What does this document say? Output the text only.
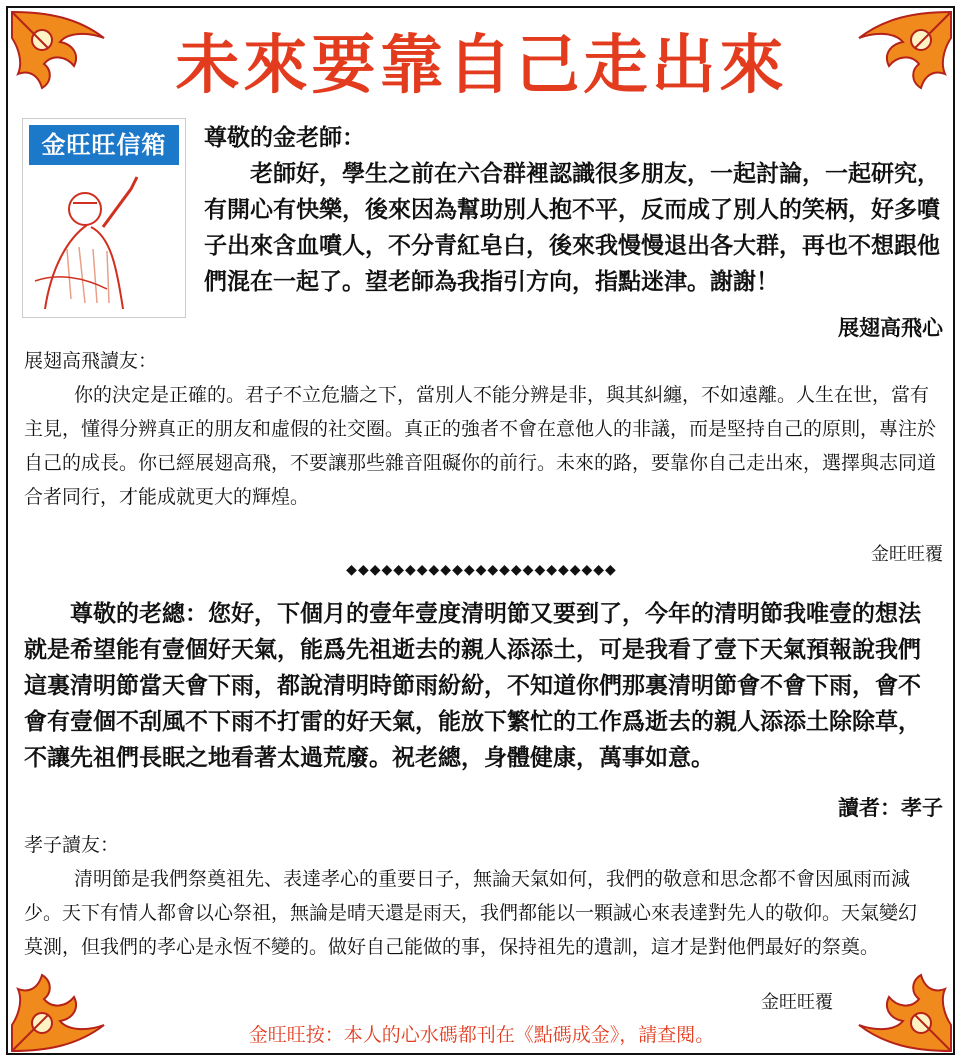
未來要靠自己走出來
金旺旺信箱	尊敬的金老師：

老師好，學生之前在六合群裡認識很多朋友，一起討論，一起研究，有開心有快樂，後來因為幫助別人抱不平，反而成了別人的笑柄，好多噴子出來含血噴人，不分青紅皂白，後來我慢慢退出各大群，再也不想跟他們混在一起了。望老師為我指引方向，指點迷津。謝謝！

展翅高飛心

展翅高飛讀友：

你的決定是正確的。君子不立危牆之下，當別人不能分辨是非，與其糾纏，不如遠離。人生在世，當有主見，懂得分辨真正的朋友和虛假的社交圈。真正的強者不會在意他人的非議，而是堅持自己的原則，專注於自己的成長。你已經展翅高飛，不要讓那些雜音阻礙你的前行。未來的路，要靠你自己走出來，選擇與志同道合者同行，才能成就更大的輝煌。

金旺旺覆
◆◆◆◆◆◆◆◆◆◆◆◆◆◆◆◆◆◆◆◆◆◆◆

尊敬的老總：您好，下個月的壹年壹度清明節又要到了，今年的清明節我唯壹的想法就是希望能有壹個好天氣，能爲先祖逝去的親人添添土，可是我看了壹下天氣預報說我們這裏清明節當天會下雨，都說清明時節雨紛紛，不知道你們那裏清明節會不會下雨，會不會有壹個不刮風不下雨不打雷的好天氣，能放下繁忙的工作爲逝去的親人添添土除除草，不讓先祖們長眠之地看著太過荒廢。祝老總，身體健康，萬事如意。

讀者：孝子

孝子讀友：

清明節是我們祭奠祖先、表達孝心的重要日子，無論天氣如何，我們的敬意和思念都不會因風雨而減少。天下有情人都會以心祭祖，無論是晴天還是雨天，我們都能以一顆誠心來表達對先人的敬仰。天氣變幻莫測，但我們的孝心是永恆不變的。做好自己能做的事，保持祖先的遺訓，這才是對他們最好的祭奠。

金旺旺覆
金旺旺按：本人的心水碼都刊在《點碼成金》，請查閱。
